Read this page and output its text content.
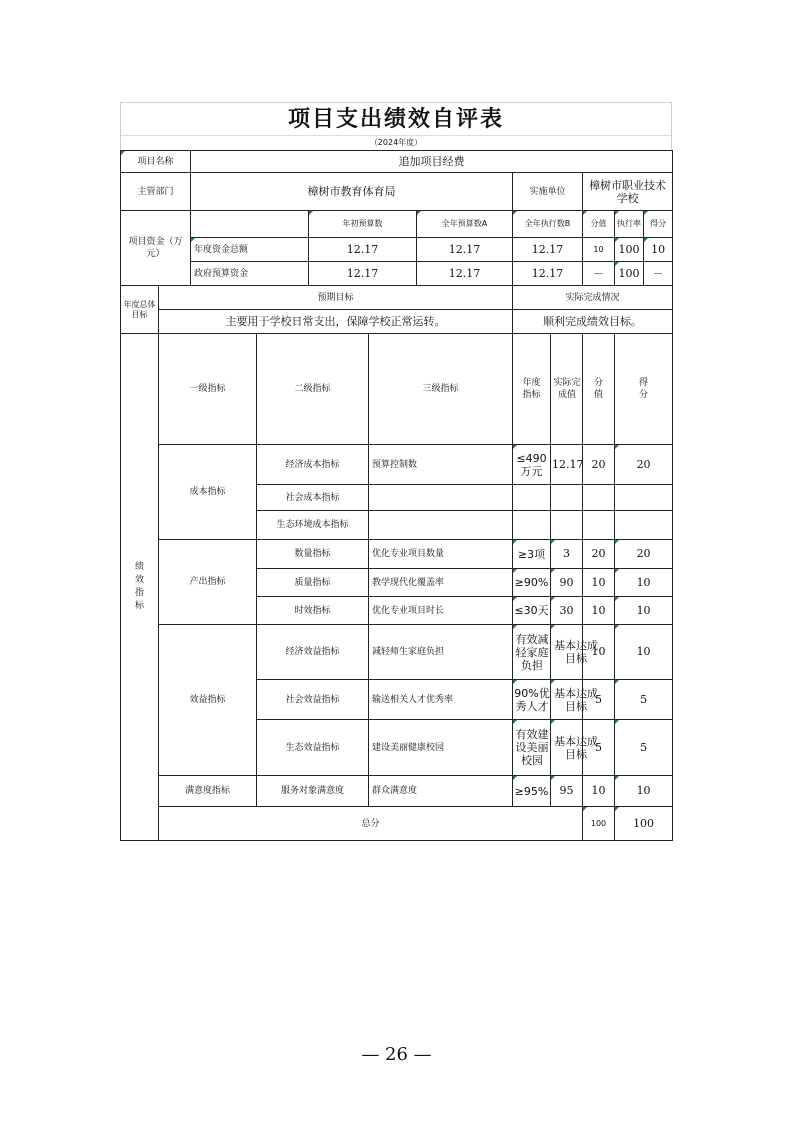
项目支出绩效自评表
（2024年度）
项目名称		追加项目经费									
主管部门		樟树市教育体育局					实施单位		樟树市职业技术学校		
项目资金（万元）				年初预算数		全年预算数A	全年执行数B		分值	执行率 得分	

		年度资金总额		12.17		12.17	12.17		10	100 10	

		政府预算资金		12.17		12.17	12.17		－	100 －	

年度总体目标	预期目标						实际完成情况				
	主要用于学校日常支出，保障学校正常运转。						顺利完成绩效目标。				
绩效指标	一级指标		二级指标		三级指标		年度指标	实际完成值	分值	得分	
	成本指标		经济成本指标		预算控制数		≤490万元	12.17	20	20	
			社会成本指标								
			生态环境成本指标								
	产出指标		数量指标		优化专业项目数量		≥3项	3	20	20	
			质量指标		教学现代化覆盖率		≥90%	90	10	10	
			时效指标		优化专业项目时长		≤30天	30	10	10	
	效益指标		经济效益指标		减轻师生家庭负担		有效减轻家庭负担	基本达成目标	10	10	
			社会效益指标		输送相关人才优秀率		90%优秀人才	基本达成目标	5	5	
			生态效益指标		建设美丽健康校园		有效建设美丽校园	基本达成目标	5	5	
	满意度指标		服务对象满意度		群众满意度		≥95%	95	10	10	
	总分								100	100	
— 26 —
